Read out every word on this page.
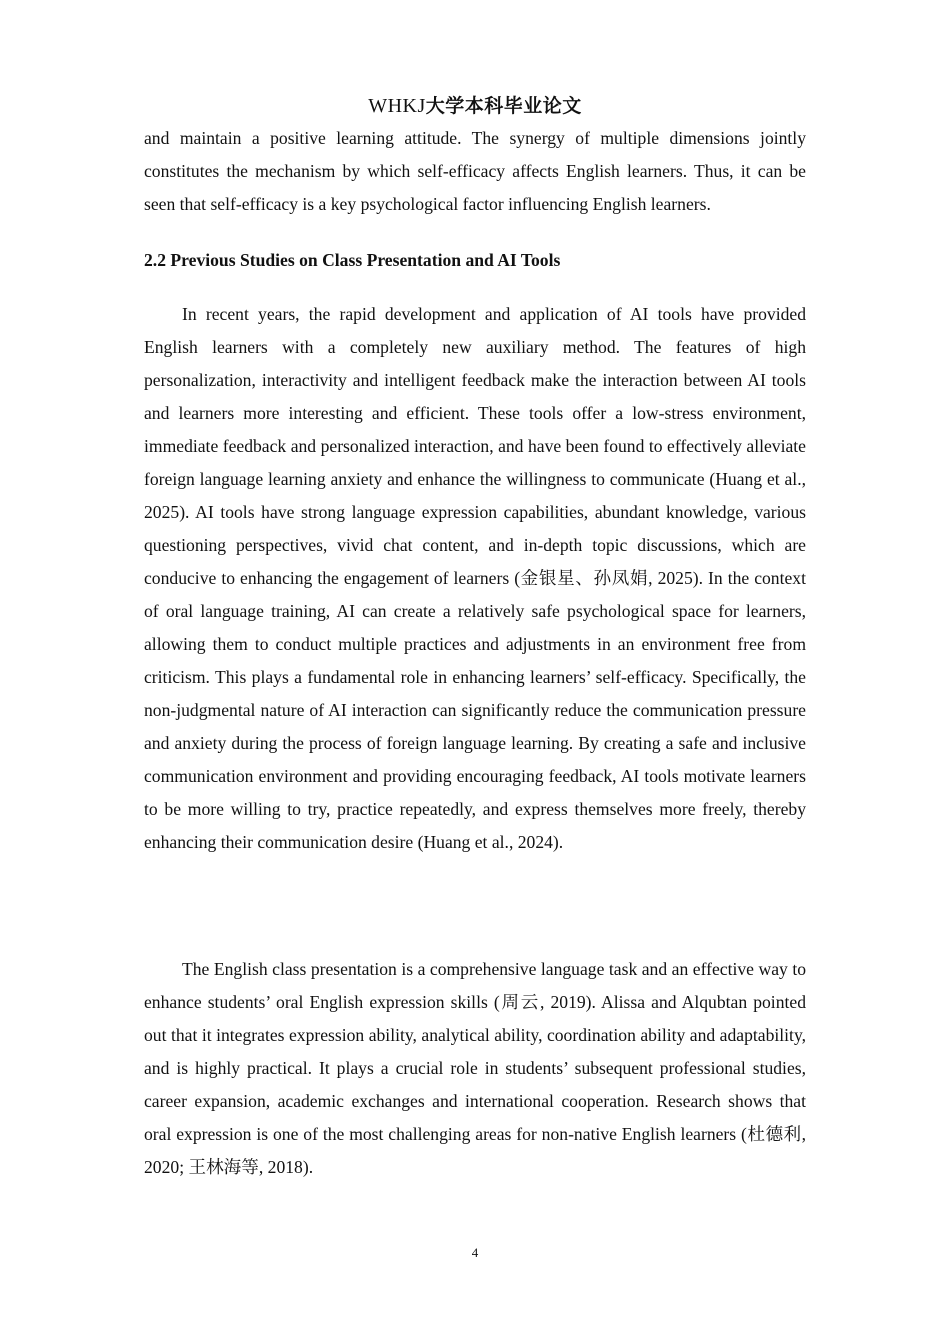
WHKJ大学本科毕业论文

and maintain a positive learning attitude. The synergy of multiple dimensions jointly constitutes the mechanism by which self-efficacy affects English learners. Thus, it can be seen that self-efficacy is a key psychological factor influencing English learners.

2.2 Previous Studies on Class Presentation and AI Tools

In recent years, the rapid development and application of AI tools have provided English learners with a completely new auxiliary method. The features of high personalization, interactivity and intelligent feedback make the interaction between AI tools and learners more interesting and efficient. These tools offer a low-stress environment, immediate feedback and personalized interaction, and have been found to effectively alleviate foreign language learning anxiety and enhance the willingness to communicate (Huang et al., 2025). AI tools have strong language expression capabilities, abundant knowledge, various questioning perspectives, vivid chat content, and in-depth topic discussions, which are conducive to enhancing the engagement of learners (金银星、孙凤娟, 2025). In the context of oral language training, AI can create a relatively safe psychological space for learners, allowing them to conduct multiple practices and adjustments in an environment free from criticism. This plays a fundamental role in enhancing learners’ self-efficacy. Specifically, the non-judgmental nature of AI interaction can significantly reduce the communication pressure and anxiety during the process of foreign language learning. By creating a safe and inclusive communication environment and providing encouraging feedback, AI tools motivate learners to be more willing to try, practice repeatedly, and express themselves more freely, thereby enhancing their communication desire (Huang et al., 2024).

The English class presentation is a comprehensive language task and an effective way to enhance students’ oral English expression skills (周云, 2019). Alissa and Alqubtan pointed out that it integrates expression ability, analytical ability, coordination ability and adaptability, and is highly practical. It plays a crucial role in students’ subsequent professional studies, career expansion, academic exchanges and international cooperation. Research shows that oral expression is one of the most challenging areas for non-native English learners (杜德利, 2020; 王林海等, 2018).

4
